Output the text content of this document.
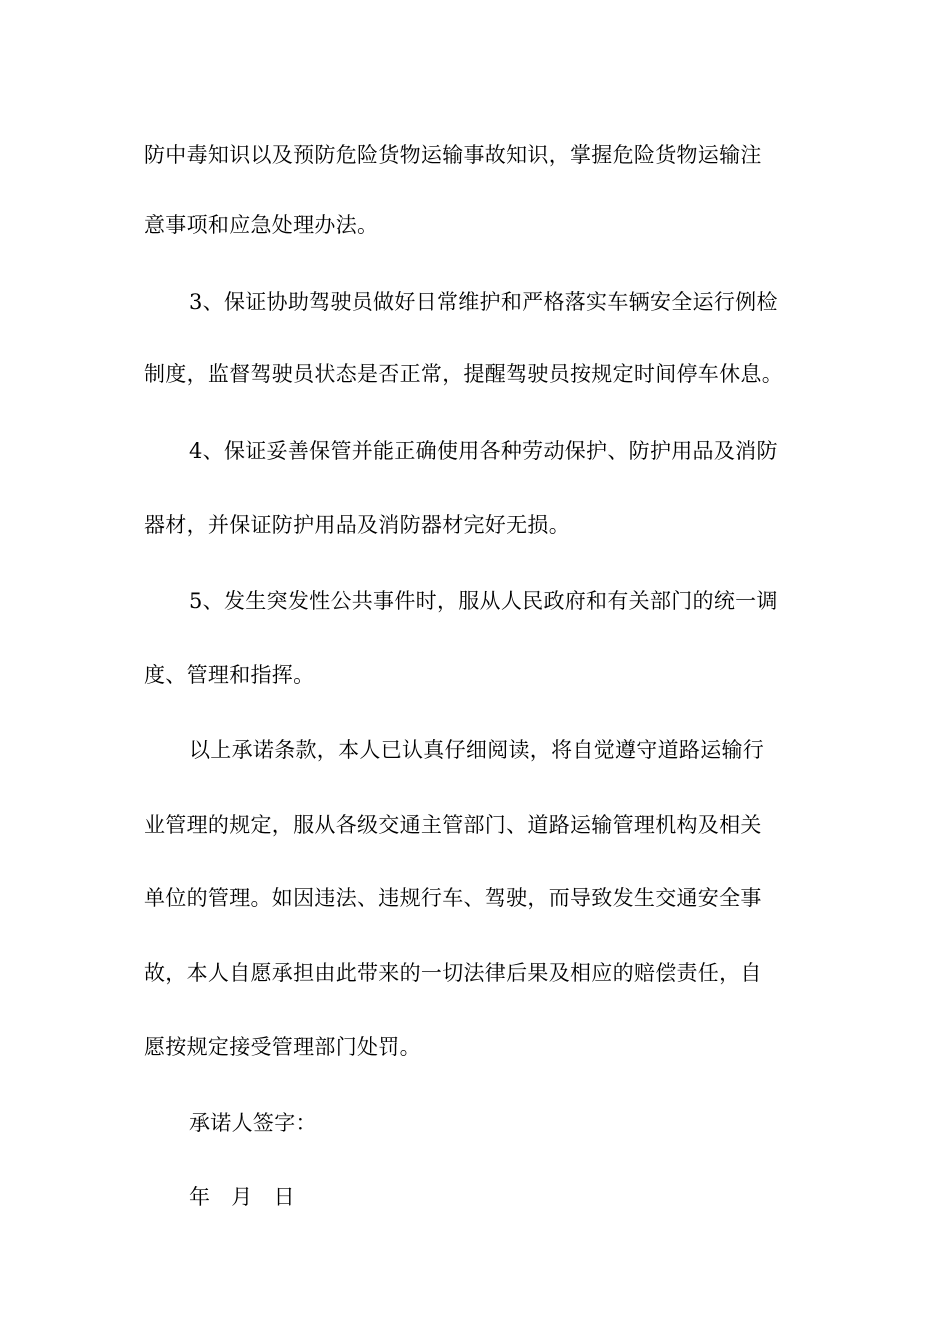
防中毒知识以及预防危险货物运输事故知识，掌握危险货物运输注
意事项和应急处理办法。
3、保证协助驾驶员做好日常维护和严格落实车辆安全运行例检
制度，监督驾驶员状态是否正常，提醒驾驶员按规定时间停车休息。
4、保证妥善保管并能正确使用各种劳动保护、防护用品及消防
器材，并保证防护用品及消防器材完好无损。
5、发生突发性公共事件时，服从人民政府和有关部门的统一调
度、管理和指挥。
以上承诺条款，本人已认真仔细阅读，将自觉遵守道路运输行
业管理的规定，服从各级交通主管部门、道路运输管理机构及相关
单位的管理。如因违法、违规行车、驾驶，而导致发生交通安全事
故，本人自愿承担由此带来的一切法律后果及相应的赔偿责任，自
愿按规定接受管理部门处罚。
承诺人签字：
年 月 日
